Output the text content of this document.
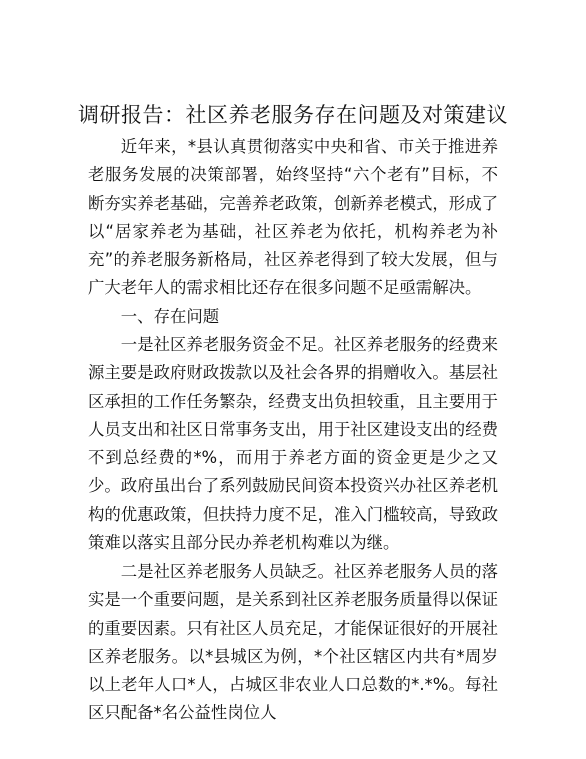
调研报告：社区养老服务存在问题及对策建议

近年来，*县认真贯彻落实中央和省、市关于推进养老服务发展的决策部署，始终坚持“六个老有”目标，不断夯实养老基础，完善养老政策，创新养老模式，形成了以“居家养老为基础，社区养老为依托，机构养老为补充”的养老服务新格局，社区养老得到了较大发展，但与广大老年人的需求相比还存在很多问题不足亟需解决。

一、存在问题

一是社区养老服务资金不足。社区养老服务的经费来源主要是政府财政拨款以及社会各界的捐赠收入。基层社区承担的工作任务繁杂，经费支出负担较重，且主要用于人员支出和社区日常事务支出，用于社区建设支出的经费不到总经费的*%，而用于养老方面的资金更是少之又少。政府虽出台了系列鼓励民间资本投资兴办社区养老机构的优惠政策，但扶持力度不足，准入门槛较高，导致政策难以落实且部分民办养老机构难以为继。

二是社区养老服务人员缺乏。社区养老服务人员的落实是一个重要问题，是关系到社区养老服务质量得以保证的重要因素。只有社区人员充足，才能保证很好的开展社区养老服务。以*县城区为例，*个社区辖区内共有*周岁以上老年人口*人，占城区非农业人口总数的*.*%。每社区只配备*名公益性岗位人
